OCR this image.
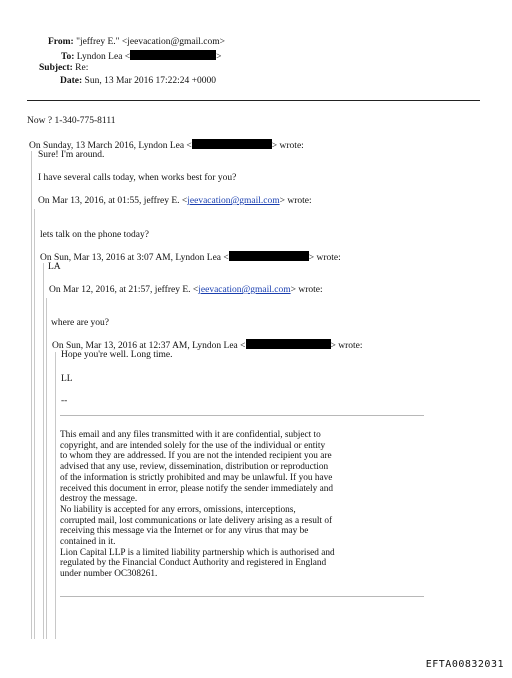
From: "jeffrey E." <jeevacation@gmail.com>
To: Lyndon Lea <	>
Subject: Re:
Date: Sun, 13 Mar 2016 17:22:24 +0000
Now ? 1-340-775-8111
On Sunday, 13 March 2016, Lyndon Lea <	> wrote:
Sure! I'm around.
I have several calls today, when works best for you?
On Mar 13, 2016, at 01:55, jeffrey E. <jeevacation@gmail.com> wrote:
lets talk on the phone today?
On Sun, Mar 13, 2016 at 3:07 AM, Lyndon Lea <	> wrote:
LA
On Mar 12, 2016, at 21:57, jeffrey E. <jeevacation@gmail.com> wrote:
where are you?
On Sun, Mar 13, 2016 at 12:37 AM, Lyndon Lea <	> wrote:
Hope you're well. Long time.
LL
--
This email and any files transmitted with it are confidential, subject to
copyright, and are intended solely for the use of the individual or entity
to whom they are addressed. If you are not the intended recipient you are
advised that any use, review, dissemination, distribution or reproduction
of the information is strictly prohibited and may be unlawful. If you have
received this document in error, please notify the sender immediately and
destroy the message.
No liability is accepted for any errors, omissions, interceptions,
corrupted mail, lost communications or late delivery arising as a result of
receiving this message via the Internet or for any virus that may be
contained in it.
Lion Capital LLP is a limited liability partnership which is authorised and
regulated by the Financial Conduct Authority and registered in England
under number OC308261.
EFTA00832031
